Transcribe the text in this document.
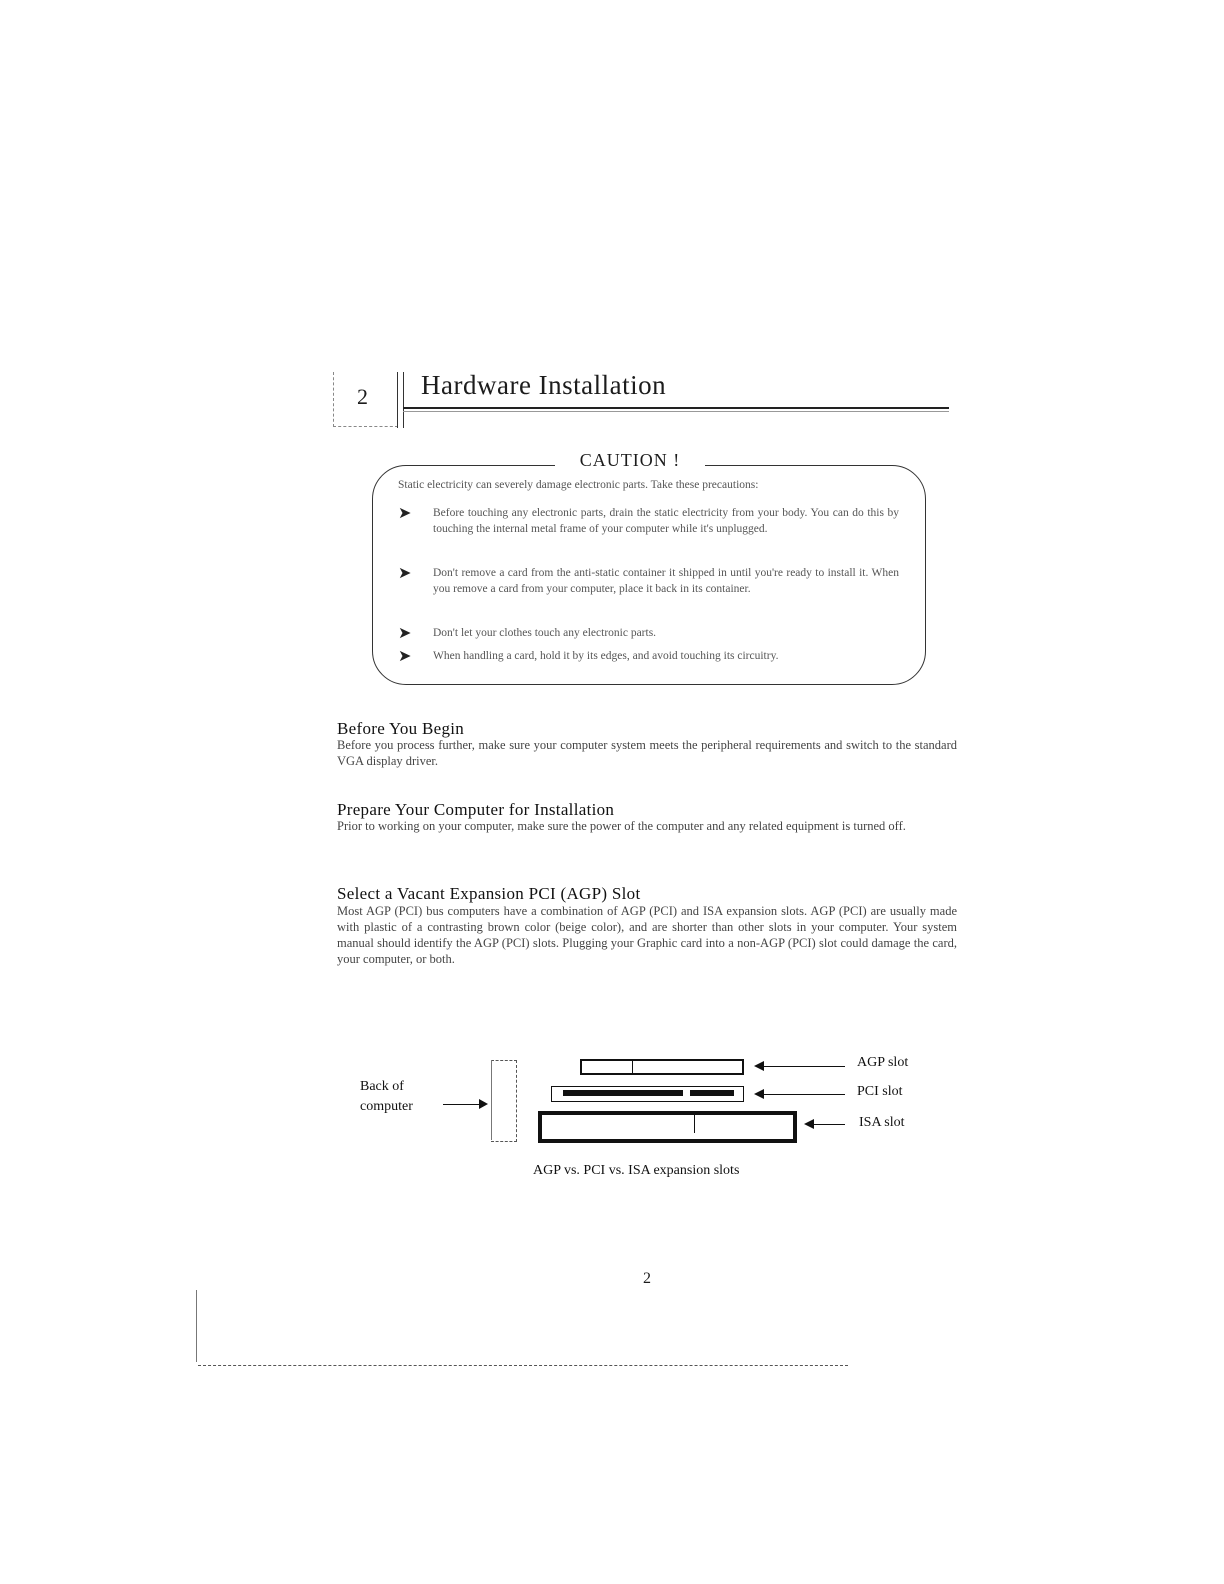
2 Hardware Installation
CAUTION !
Static electricity can severely damage electronic parts. Take these precautions:
➤ Before touching any electronic parts, drain the static electricity from your body. You can do this by touching the internal metal frame of your computer while it's unplugged.
➤ Don't remove a card from the anti-static container it shipped in until you're ready to install it. When you remove a card from your computer, place it back in its container.
➤ Don't let your clothes touch any electronic parts.
➤ When handling a card, hold it by its edges, and avoid touching its circuitry.
Before You Begin
Before you process further, make sure your computer system meets the peripheral requirements and switch to the standard VGA display driver.
Prepare Your Computer for Installation
Prior to working on your computer, make sure the power of the computer and any related equipment is turned off.
Select a Vacant Expansion PCI (AGP) Slot
Most AGP (PCI) bus computers have a combination of AGP (PCI) and ISA expansion slots. AGP (PCI) are usually made with plastic of a contrasting brown color (beige color), and are shorter than other slots in your computer. Your system manual should identify the AGP (PCI) slots. Plugging your Graphic card into a non-AGP (PCI) slot could damage the card, your computer, or both.
Back of
computer
AGP slot
PCI slot
ISA slot
AGP vs. PCI vs. ISA expansion slots
2
